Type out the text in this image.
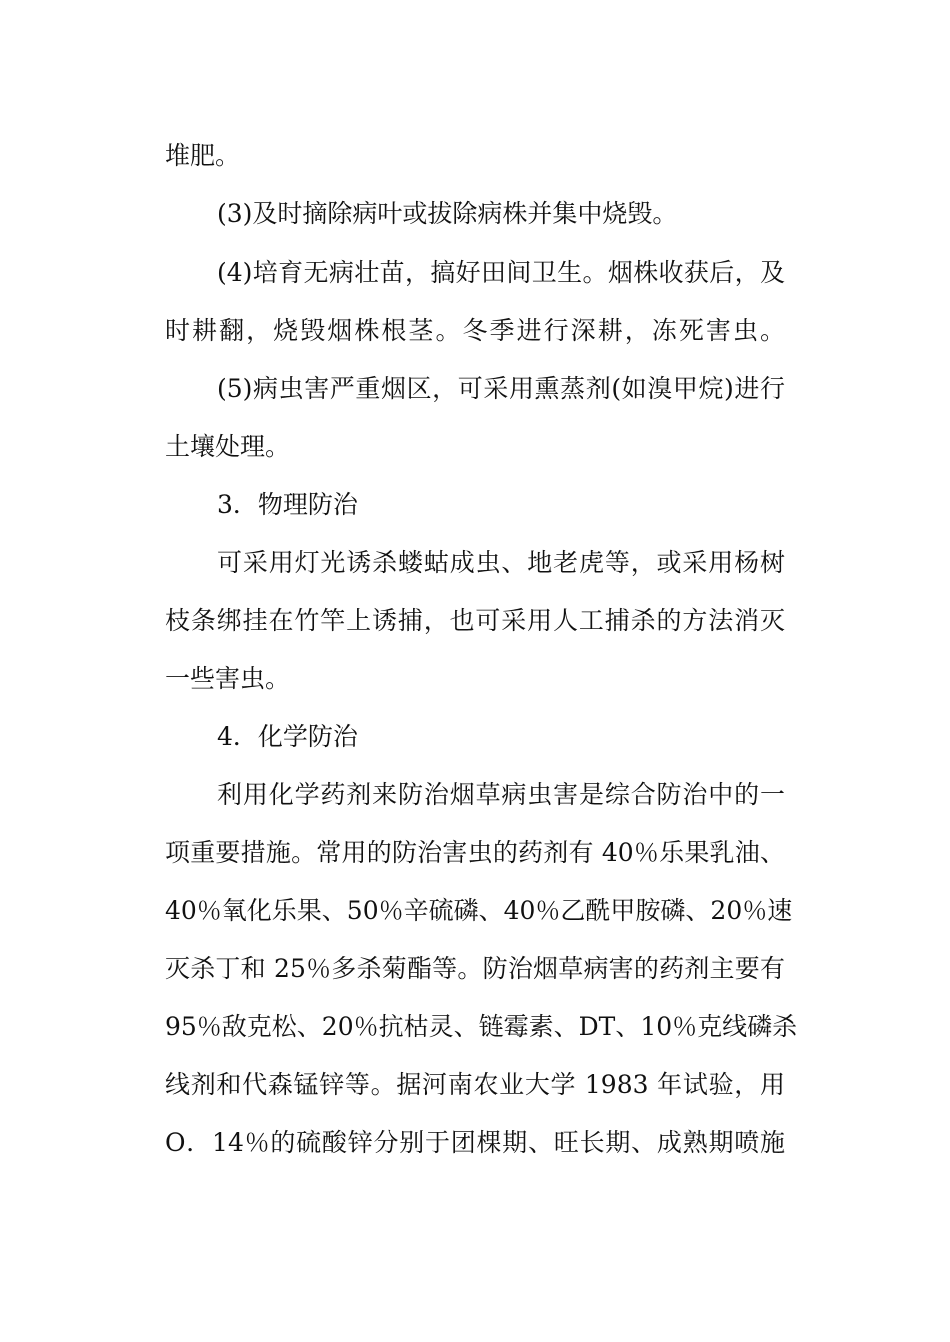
堆肥。
(3)及时摘除病叶或拔除病株并集中烧毁。
(4)培育无病壮苗，搞好田间卫生。烟株收获后，及
时耕翻，烧毁烟株根茎。冬季进行深耕，冻死害虫。
(5)病虫害严重烟区，可采用熏蒸剂(如溴甲烷)进行
土壤处理。
3．物理防治
可采用灯光诱杀蝼蛄成虫、地老虎等，或采用杨树
枝条绑挂在竹竿上诱捕，也可采用人工捕杀的方法消灭
一些害虫。
4．化学防治
利用化学药剂来防治烟草病虫害是综合防治中的一
项重要措施。常用的防治害虫的药剂有 40％乐果乳油、
40％氧化乐果、50％辛硫磷、40％乙酰甲胺磷、20％速
灭杀丁和 25％多杀菊酯等。防治烟草病害的药剂主要有
95％敌克松、20％抗枯灵、链霉素、DT、10％克线磷杀
线剂和代森锰锌等。据河南农业大学 1983 年试验，用
O．14％的硫酸锌分别于团棵期、旺长期、成熟期喷施
